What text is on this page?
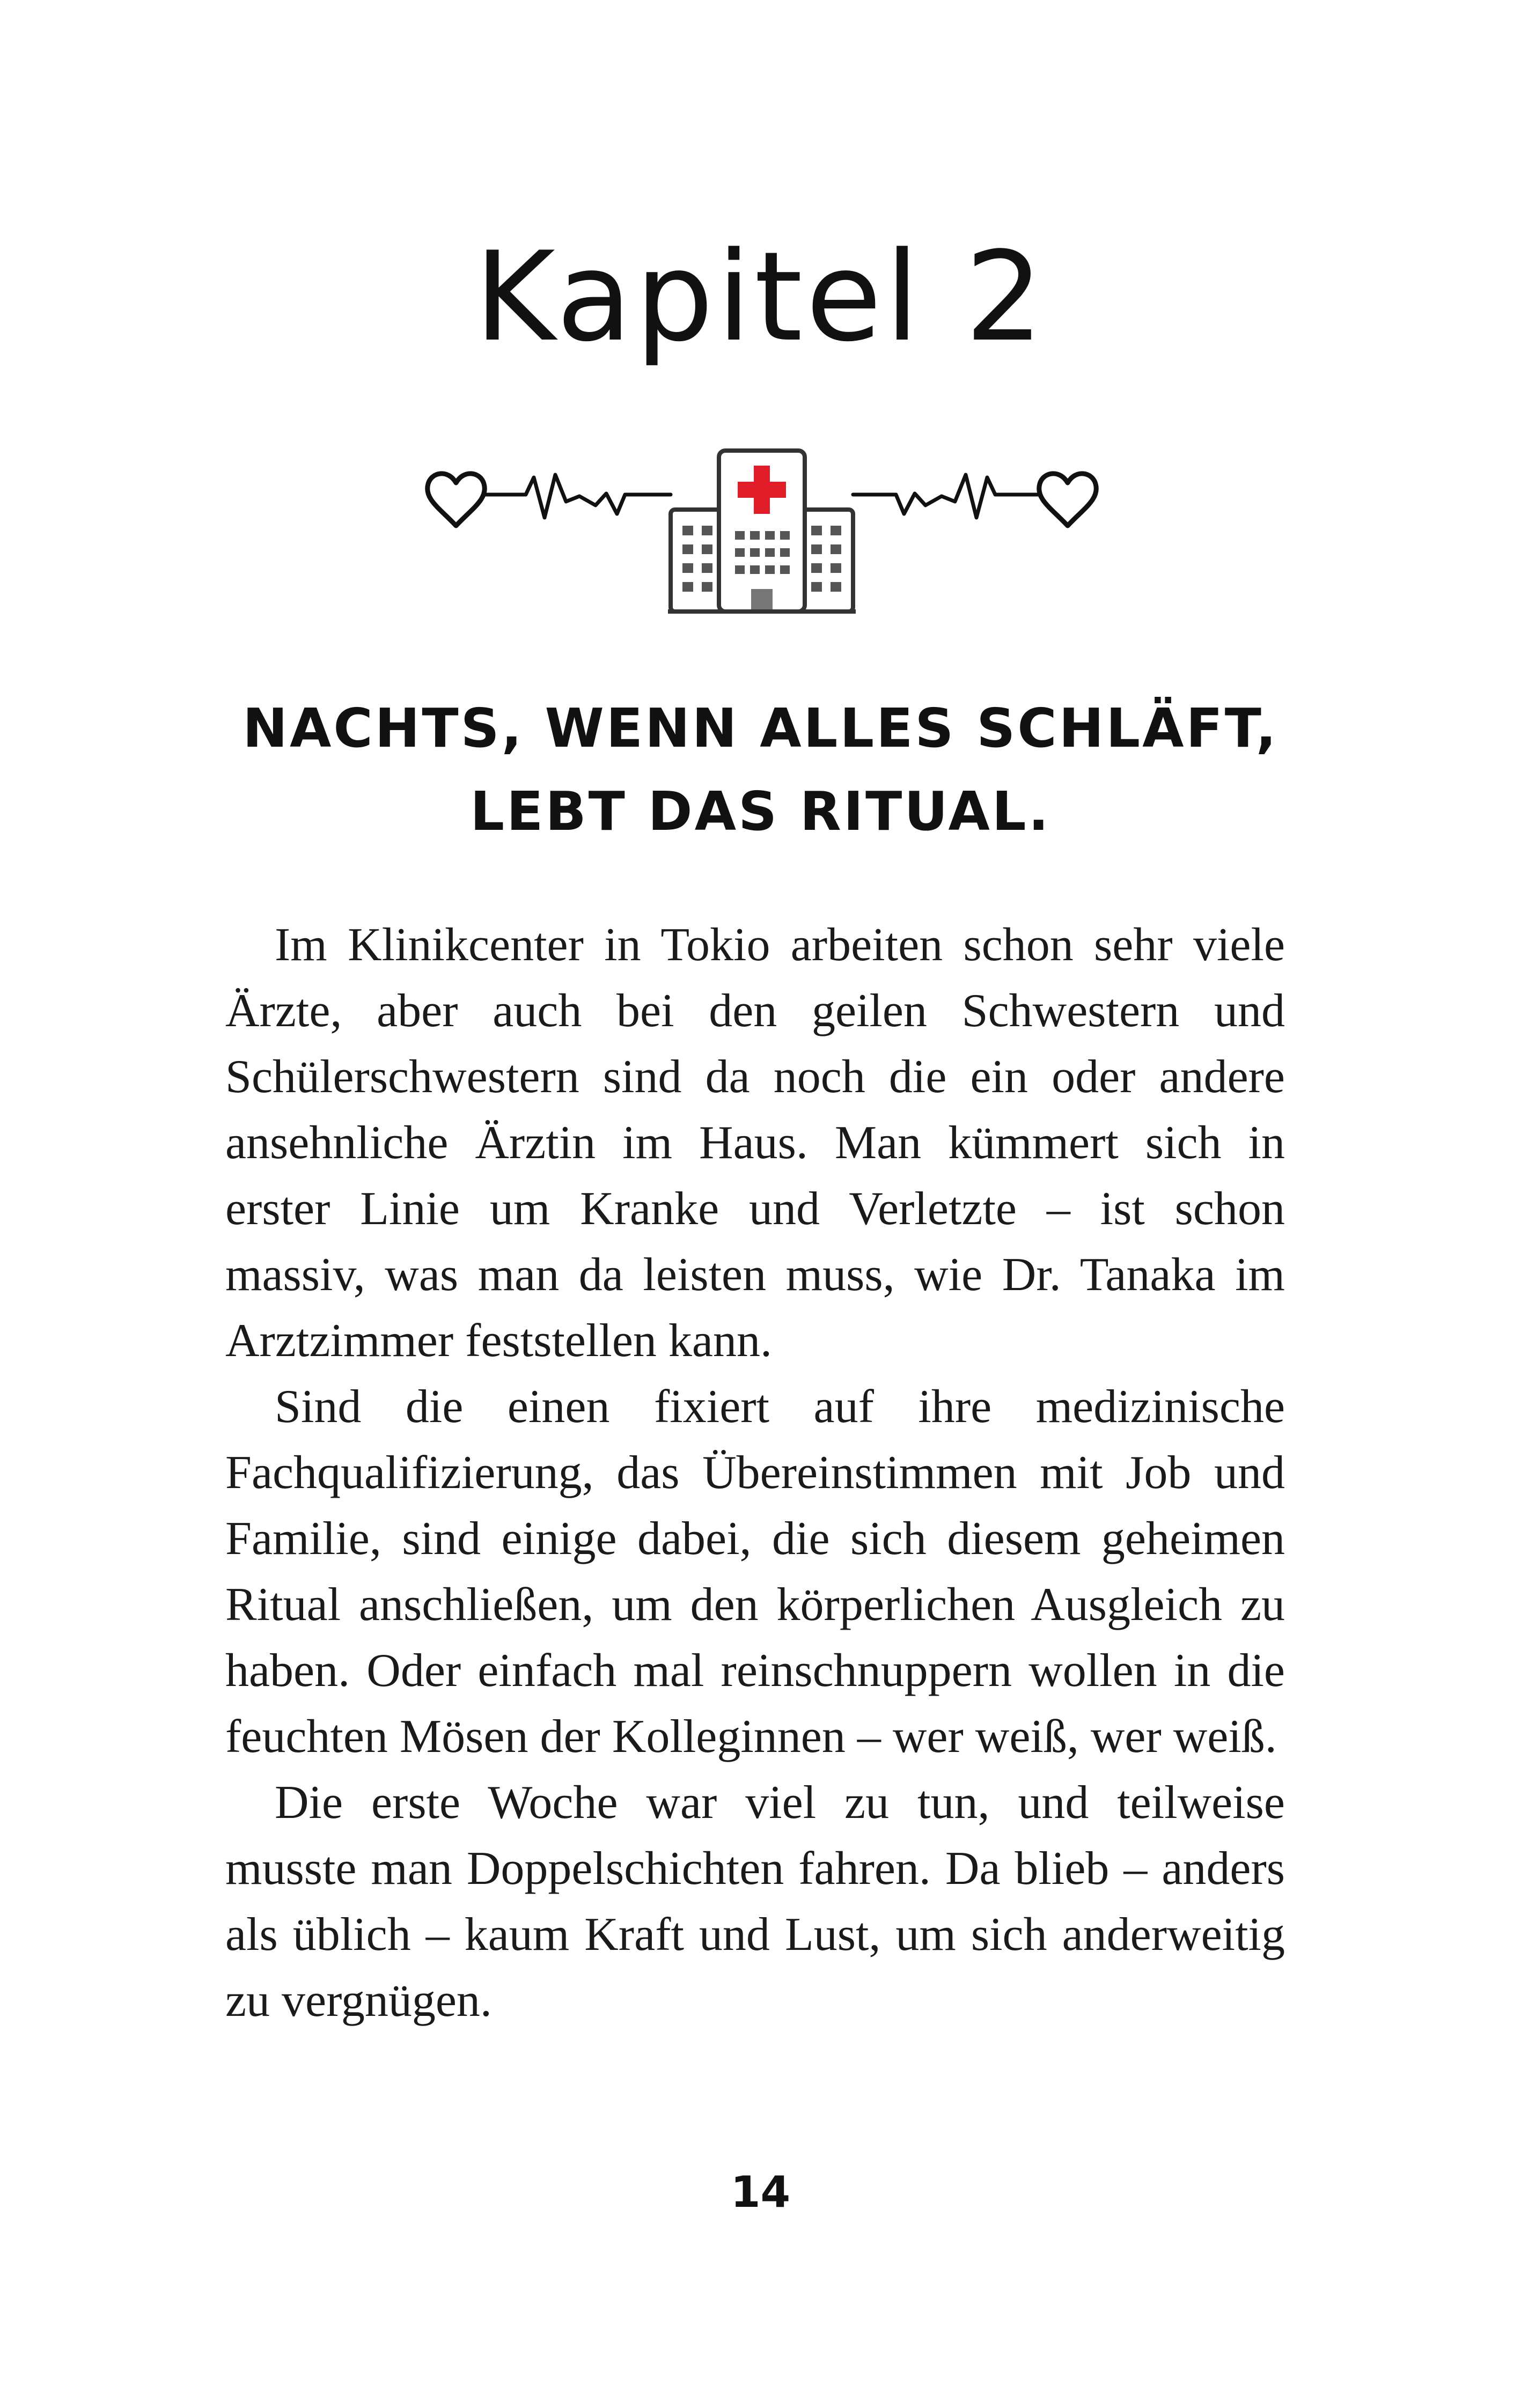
Kapitel 2
NACHTS, WENN ALLES SCHLÄFT,
LEBT DAS RITUAL.

Im Klinikcenter in Tokio arbeiten schon sehr viele Ärzte, aber auch bei den geilen Schwestern und Schülerschwestern sind da noch die ein oder andere ansehnliche Ärztin im Haus. Man kümmert sich in erster Linie um Kranke und Verletzte – ist schon massiv, was man da leisten muss, wie Dr. Tanaka im Arztzimmer feststellen kann.

Sind die einen fixiert auf ihre medizinische Fachqualifizierung, das Übereinstimmen mit Job und Familie, sind einige dabei, die sich diesem geheimen Ritual anschließen, um den körperlichen Ausgleich zu haben. Oder einfach mal reinschnuppern wollen in die feuchten Mösen der Kolleginnen – wer weiß, wer weiß.

Die erste Woche war viel zu tun, und teilweise musste man Doppelschichten fahren. Da blieb – anders als üblich – kaum Kraft und Lust, um sich anderweitig zu vergnügen.

14
